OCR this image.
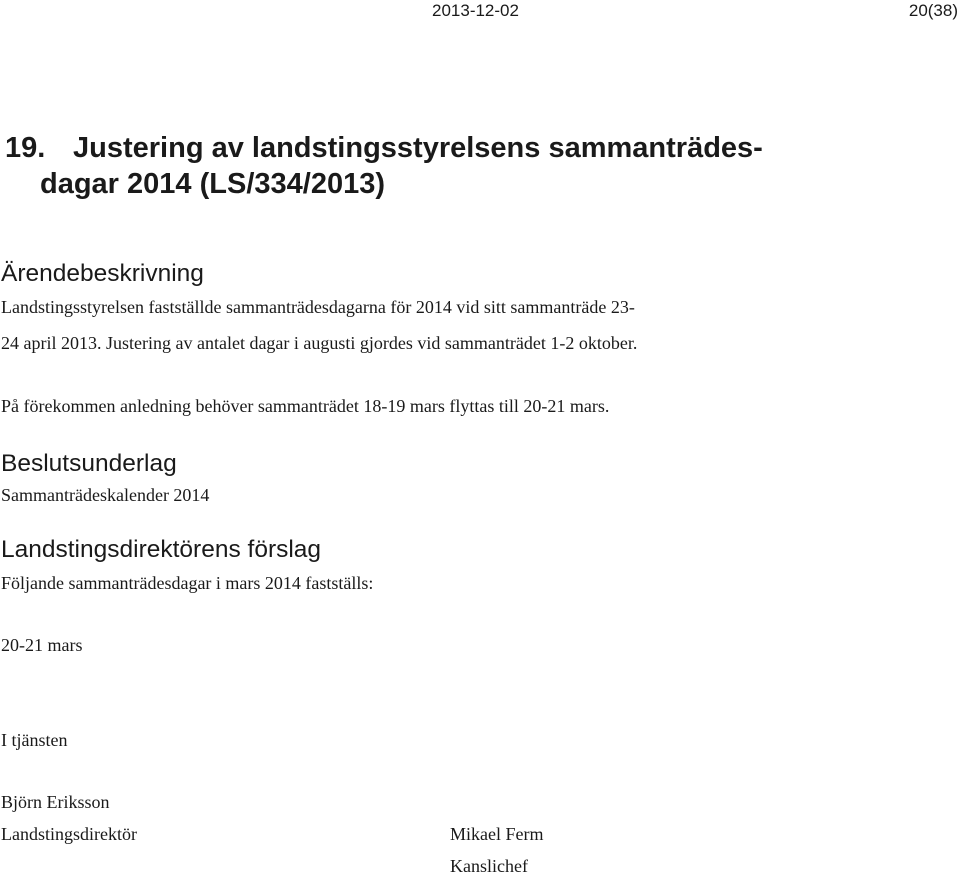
2013-12-02	20(38)
19. Justering av landstingsstyrelsens sammanträdes-
dagar 2014 (LS/334/2013)
Ärendebeskrivning
Landstingsstyrelsen fastställde sammanträdesdagarna för 2014 vid sitt sammanträde 23-
24 april 2013. Justering av antalet dagar i augusti gjordes vid sammanträdet 1-2 oktober.
På förekommen anledning behöver sammanträdet 18-19 mars flyttas till 20-21 mars.
Beslutsunderlag
Sammanträdeskalender 2014
Landstingsdirektörens förslag
Följande sammanträdesdagar i mars 2014 fastställs:
20-21 mars
I tjänsten
Björn Eriksson
Landstingsdirektör	Mikael Ferm
Kanslichef
